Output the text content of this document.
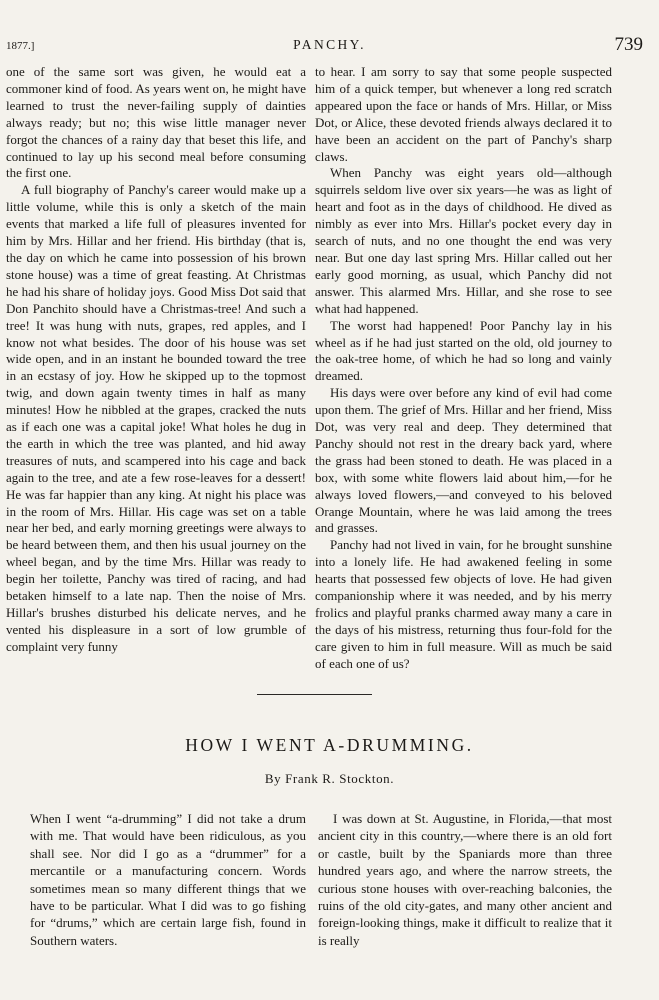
1877.]	PANCHY.	739

one of the same sort was given, he would eat a commoner kind of food. As years went on, he might have learned to trust the never-failing supply of dainties always ready; but no; this wise little manager never forgot the chances of a rainy day that beset this life, and continued to lay up his second meal before consuming the first one.

A full biography of Panchy's career would make up a little volume, while this is only a sketch of the main events that marked a life full of pleasures invented for him by Mrs. Hillar and her friend. His birthday (that is, the day on which he came into possession of his brown stone house) was a time of great feasting. At Christmas he had his share of holiday joys. Good Miss Dot said that Don Panchito should have a Christmas-tree! And such a tree! It was hung with nuts, grapes, red apples, and I know not what besides. The door of his house was set wide open, and in an instant he bounded toward the tree in an ecstasy of joy. How he skipped up to the topmost twig, and down again twenty times in half as many minutes! How he nibbled at the grapes, cracked the nuts as if each one was a capital joke! What holes he dug in the earth in which the tree was planted, and hid away treasures of nuts, and scampered into his cage and back again to the tree, and ate a few rose-leaves for a dessert! He was far happier than any king. At night his place was in the room of Mrs. Hillar. His cage was set on a table near her bed, and early morning greetings were always to be heard between them, and then his usual journey on the wheel began, and by the time Mrs. Hillar was ready to begin her toilette, Panchy was tired of racing, and had betaken himself to a late nap. Then the noise of Mrs. Hillar's brushes disturbed his delicate nerves, and he vented his displeasure in a sort of low grumble of complaint very funny

to hear. I am sorry to say that some people suspected him of a quick temper, but whenever a long red scratch appeared upon the face or hands of Mrs. Hillar, or Miss Dot, or Alice, these devoted friends always declared it to have been an accident on the part of Panchy's sharp claws.

When Panchy was eight years old—although squirrels seldom live over six years—he was as light of heart and foot as in the days of childhood. He dived as nimbly as ever into Mrs. Hillar's pocket every day in search of nuts, and no one thought the end was very near. But one day last spring Mrs. Hillar called out her early good morning, as usual, which Panchy did not answer. This alarmed Mrs. Hillar, and she rose to see what had happened.

The worst had happened! Poor Panchy lay in his wheel as if he had just started on the old, old journey to the oak-tree home, of which he had so long and vainly dreamed.

His days were over before any kind of evil had come upon them. The grief of Mrs. Hillar and her friend, Miss Dot, was very real and deep. They determined that Panchy should not rest in the dreary back yard, where the grass had been stoned to death. He was placed in a box, with some white flowers laid about him,—for he always loved flowers,—and conveyed to his beloved Orange Mountain, where he was laid among the trees and grasses.

Panchy had not lived in vain, for he brought sunshine into a lonely life. He had awakened feeling in some hearts that possessed few objects of love. He had given companionship where it was needed, and by his merry frolics and playful pranks charmed away many a care in the days of his mistress, returning thus four-fold for the care given to him in full measure. Will as much be said of each one of us?

HOW I WENT A-DRUMMING.
By Frank R. Stockton.

When I went “a-drumming” I did not take a drum with me. That would have been ridiculous, as you shall see. Nor did I go as a “drummer” for a mercantile or a manufacturing concern. Words sometimes mean so many different things that we have to be particular. What I did was to go fishing for “drums,” which are certain large fish, found in Southern waters.

I was down at St. Augustine, in Florida,—that most ancient city in this country,—where there is an old fort or castle, built by the Spaniards more than three hundred years ago, and where the narrow streets, the curious stone houses with over-reaching balconies, the ruins of the old city-gates, and many other ancient and foreign-looking things, make it difficult to realize that it is really
